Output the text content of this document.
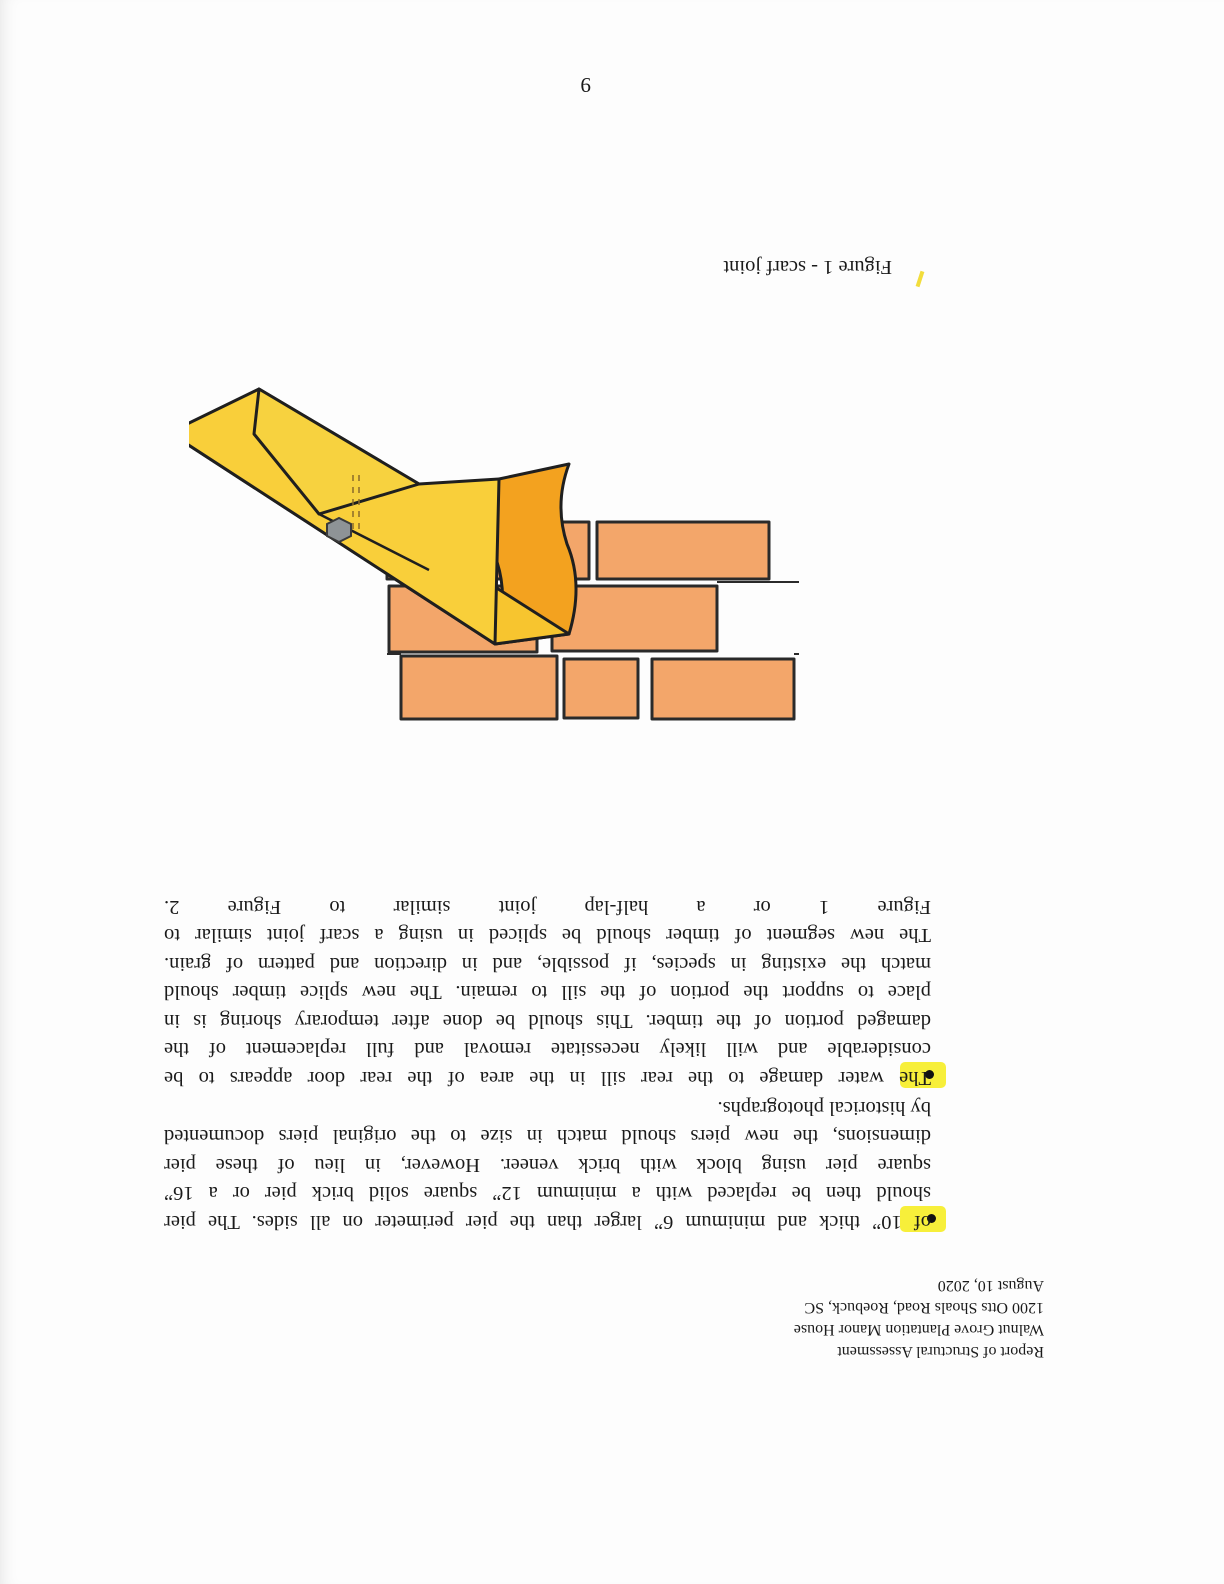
Report of Structural Assessment
Walnut Grove Plantation Manor House
1200 Otts Shoals Road, Roebuck, SC
August 10, 2020
of 10” thick and minimum 6” larger than the pier perimeter on all sides. The pier
should then be replaced with a minimum 12” square solid brick pier or a 16”
square pier using block with brick veneer. However, in lieu of these pier
dimensions, the new piers should match in size to the original piers documented
by historical photographs.
The water damage to the rear sill in the area of the rear door appears to be
considerable and will likely necessitate removal and full replacement of the
damaged portion of the timber. This should be done after temporary shoring is in
place to support the portion of the sill to remain. The new splice timber should
match the existing in species, if possible, and in direction and pattern of grain.
The new segment of timber should be spliced in using a scarf joint similar to
Figure 1 or a half-lap joint similar to Figure 2.
Figure 1 - scarf joint
9
